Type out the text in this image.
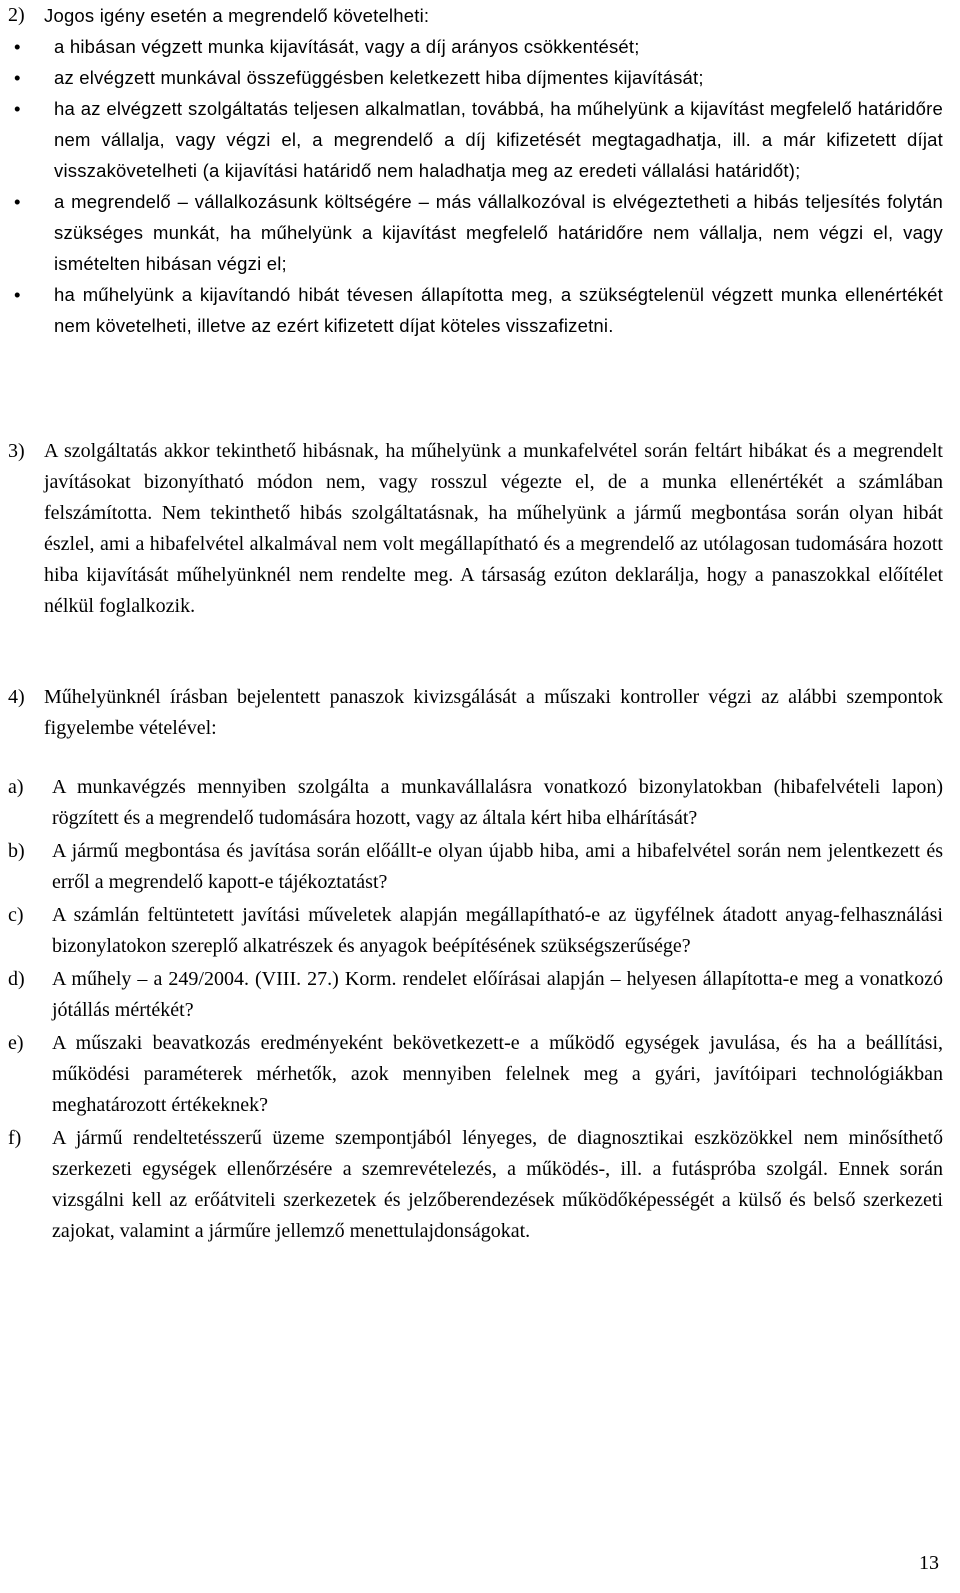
2) Jogos igény esetén a megrendelő követelheti:
• a hibásan végzett munka kijavítását, vagy a díj arányos csökkentését;
• az elvégzett munkával összefüggésben keletkezett hiba díjmentes kijavítását;
• ha az elvégzett szolgáltatás teljesen alkalmatlan, továbbá, ha műhelyünk a kijavítást megfelelő határidőre nem vállalja, vagy végzi el, a megrendelő a díj kifizetését megtagadhatja, ill. a már kifizetett díjat visszakövetelheti (a kijavítási határidő nem haladhatja meg az eredeti vállalási határidőt);
• a megrendelő – vállalkozásunk költségére – más vállalkozóval is elvégeztetheti a hibás teljesítés folytán szükséges munkát, ha műhelyünk a kijavítást megfelelő határidőre nem vállalja, nem végzi el, vagy ismételten hibásan végzi el;
• ha műhelyünk a kijavítandó hibát tévesen állapította meg, a szükségtelenül végzett munka ellenértékét nem követelheti, illetve az ezért kifizetett díjat köteles visszafizetni.
3) A szolgáltatás akkor tekinthető hibásnak, ha műhelyünk a munkafelvétel során feltárt hibákat és a megrendelt javításokat bizonyítható módon nem, vagy rosszul végezte el, de a munka ellenértékét a számlában felszámította. Nem tekinthető hibás szolgáltatásnak, ha műhelyünk a jármű megbontása során olyan hibát észlel, ami a hibafelvétel alkalmával nem volt megállapítható és a megrendelő az utólagosan tudomására hozott hiba kijavítását műhelyünknél nem rendelte meg. A társaság ezúton deklarálja, hogy a panaszokkal előítélet nélkül foglalkozik.
4) Műhelyünknél írásban bejelentett panaszok kivizsgálását a műszaki kontroller végzi az alábbi szempontok figyelembe vételével:
a) A munkavégzés mennyiben szolgálta a munkavállalásra vonatkozó bizonylatokban (hibafelvételi lapon) rögzített és a megrendelő tudomására hozott, vagy az általa kért hiba elhárítását?
b) A jármű megbontása és javítása során előállt-e olyan újabb hiba, ami a hibafelvétel során nem jelentkezett és erről a megrendelő kapott-e tájékoztatást?
c) A számlán feltüntetett javítási műveletek alapján megállapítható-e az ügyfélnek átadott anyag-felhasználási bizonylatokon szereplő alkatrészek és anyagok beépítésének szükségszerűsége?
d) A műhely – a 249/2004. (VIII. 27.) Korm. rendelet előírásai alapján – helyesen állapította-e meg a vonatkozó jótállás mértékét?
e) A műszaki beavatkozás eredményeként bekövetkezett-e a működő egységek javulása, és ha a beállítási, működési paraméterek mérhetők, azok mennyiben felelnek meg a gyári, javítóipari technológiákban meghatározott értékeknek?
f) A jármű rendeltetésszerű üzeme szempontjából lényeges, de diagnosztikai eszközökkel nem minősíthető szerkezeti egységek ellenőrzésére a szemrevételezés, a működés-, ill. a futáspróba szolgál. Ennek során vizsgálni kell az erőátviteli szerkezetek és jelzőberendezések működőképességét a külső és belső szerkezeti zajokat, valamint a járműre jellemző menettulajdonságokat.
13
